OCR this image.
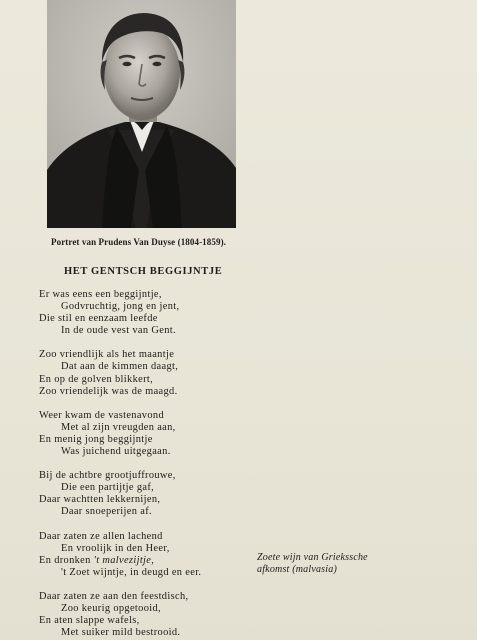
Portret van Prudens Van Duyse (1804-1859).
HET GENTSCH BEGGIJNTJE
Er was eens een beggijntje,
Godvruchtig, jong en jent,
Die stil en eenzaam leefde
In de oude vest van Gent.
Zoo vriendlijk als het maantje
Dat aan de kimmen daagt,
En op de golven blikkert,
Zoo vriendelijk was de maagd.
Weer kwam de vastenavond
Met al zijn vreugden aan,
En menig jong beggijntje
Was juichend uitgegaan.
Bij de achtbre grootjuffrouwe,
Die een partijtje gaf,
Daar wachtten lekkernijen,
Daar snoeperijen af.
Daar zaten ze allen lachend
En vroolijk in den Heer,
En dronken 't malvezijtje,
't Zoet wijntje, in deugd en eer.
Daar zaten ze aan den feestdisch,
Zoo keurig opgetooid,
En aten slappe wafels,
Met suiker mild bestrooid.
Zoete wijn van Griekssche
afkomst (malvasia)
